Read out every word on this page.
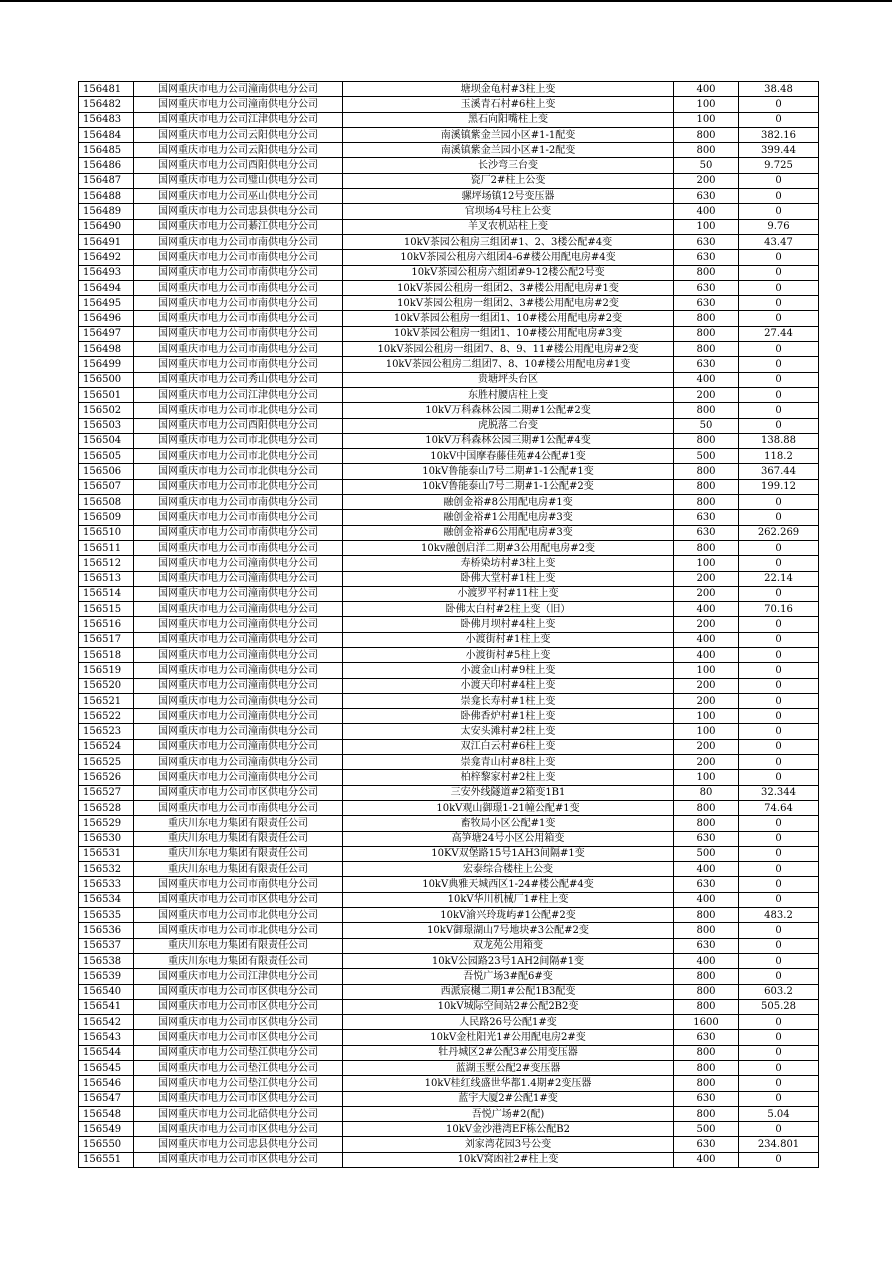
156481	国网重庆市电力公司潼南供电分公司	塘坝金龟村#3柱上变	400	38.48
156482	国网重庆市电力公司潼南供电分公司	玉溪青石村#6柱上变	100	0
156483	国网重庆市电力公司江津供电分公司	黑石向阳嘴柱上变	100	0
156484	国网重庆市电力公司云阳供电分公司	南溪镇紫金兰园小区#1-1配变	800	382.16
156485	国网重庆市电力公司云阳供电分公司	南溪镇紫金兰园小区#1-2配变	800	399.44
156486	国网重庆市电力公司酉阳供电分公司	长沙弯三台变	50	9.725
156487	国网重庆市电力公司璧山供电分公司	瓷厂2#柱上公变	200	0
156488	国网重庆市电力公司巫山供电分公司	骡坪场镇12号变压器	630	0
156489	国网重庆市电力公司忠县供电分公司	官坝场4号柱上公变	400	0
156490	国网重庆市电力公司綦江供电分公司	羊叉农机站柱上变	100	9.76
156491	国网重庆市电力公司市南供电分公司	10kV茶园公租房三组团#1、2、3楼公配#4变	630	43.47
156492	国网重庆市电力公司市南供电分公司	10kV茶园公租房六组团4-6#楼公用配电房#4变	630	0
156493	国网重庆市电力公司市南供电分公司	10kV茶园公租房六组团#9-12楼公配2号变	800	0
156494	国网重庆市电力公司市南供电分公司	10kV茶园公租房一组团2、3#楼公用配电房#1变	630	0
156495	国网重庆市电力公司市南供电分公司	10kV茶园公租房一组团2、3#楼公用配电房#2变	630	0
156496	国网重庆市电力公司市南供电分公司	10kV茶园公租房一组团1、10#楼公用配电房#2变	800	0
156497	国网重庆市电力公司市南供电分公司	10kV茶园公租房一组团1、10#楼公用配电房#3变	800	27.44
156498	国网重庆市电力公司市南供电分公司	10kV茶园公租房一组团7、8、9、11#楼公用配电房#2变	800	0
156499	国网重庆市电力公司市南供电分公司	10kV茶园公租房二组团7、8、10#楼公用配电房#1变	630	0
156500	国网重庆市电力公司秀山供电分公司	贵塘坪头台区	400	0
156501	国网重庆市电力公司江津供电分公司	东胜村腰店柱上变	200	0
156502	国网重庆市电力公司市北供电分公司	10kV万科森林公园二期#1公配#2变	800	0
156503	国网重庆市电力公司酉阳供电分公司	虎脱落二台变	50	0
156504	国网重庆市电力公司市北供电分公司	10kV万科森林公园三期#1公配#4变	800	138.88
156505	国网重庆市电力公司市北供电分公司	10kV中国摩春藤佳苑#4公配#1变	500	118.2
156506	国网重庆市电力公司市北供电分公司	10kV鲁能泰山7号二期#1-1公配#1变	800	367.44
156507	国网重庆市电力公司市北供电分公司	10kV鲁能泰山7号二期#1-1公配#2变	800	199.12
156508	国网重庆市电力公司市南供电分公司	融创金裕#8公用配电房#1变	800	0
156509	国网重庆市电力公司市南供电分公司	融创金裕#1公用配电房#3变	630	0
156510	国网重庆市电力公司市南供电分公司	融创金裕#6公用配电房#3变	630	262.269
156511	国网重庆市电力公司市南供电分公司	10kv融创启洋二期#3公用配电房#2变	800	0
156512	国网重庆市电力公司潼南供电分公司	寿桥染坊村#3柱上变	100	0
156513	国网重庆市电力公司潼南供电分公司	卧佛大堂村#1柱上变	200	22.14
156514	国网重庆市电力公司潼南供电分公司	小渡罗平村#11柱上变	200	0
156515	国网重庆市电力公司潼南供电分公司	卧佛太白村#2柱上变（旧）	400	70.16
156516	国网重庆市电力公司潼南供电分公司	卧佛月坝村#4柱上变	200	0
156517	国网重庆市电力公司潼南供电分公司	小渡街村#1柱上变	400	0
156518	国网重庆市电力公司潼南供电分公司	小渡街村#5柱上变	400	0
156519	国网重庆市电力公司潼南供电分公司	小渡金山村#9柱上变	100	0
156520	国网重庆市电力公司潼南供电分公司	小渡天印村#4柱上变	200	0
156521	国网重庆市电力公司潼南供电分公司	崇龛长寿村#1柱上变	200	0
156522	国网重庆市电力公司潼南供电分公司	卧佛香炉村#1柱上变	100	0
156523	国网重庆市电力公司潼南供电分公司	太安头滩村#2柱上变	100	0
156524	国网重庆市电力公司潼南供电分公司	双江白云村#6柱上变	200	0
156525	国网重庆市电力公司潼南供电分公司	崇龛青山村#8柱上变	200	0
156526	国网重庆市电力公司潼南供电分公司	柏梓黎家村#2柱上变	100	0
156527	国网重庆市电力公司市区供电分公司	三安外线隧道#2箱变1B1	80	32.344
156528	国网重庆市电力公司市南供电分公司	10kV观山御璟1-21幢公配#1变	800	74.64
156529	重庆川东电力集团有限责任公司	畜牧局小区公配#1变	800	0
156530	重庆川东电力集团有限责任公司	高笋塘24号小区公用箱变	630	0
156531	重庆川东电力集团有限责任公司	10KV双堡路15号1AH3间隔#1变	500	0
156532	重庆川东电力集团有限责任公司	宏泰综合楼柱上公变	400	0
156533	国网重庆市电力公司市南供电分公司	10kV典雅天城西区1-24#楼公配#4变	630	0
156534	国网重庆市电力公司市区供电分公司	10kV华川机械厂1#柱上变	400	0
156535	国网重庆市电力公司市北供电分公司	10kV渝兴玲珑屿#1公配#2变	800	483.2
156536	国网重庆市电力公司市北供电分公司	10kV御璟湖山7号地块#3公配#2变	800	0
156537	重庆川东电力集团有限责任公司	双龙苑公用箱变	630	0
156538	重庆川东电力集团有限责任公司	10kV公园路23号1AH2间隔#1变	400	0
156539	国网重庆市电力公司江津供电分公司	吾悦广场3#配6#变	800	0
156540	国网重庆市电力公司市区供电分公司	西派宸樾二期1#公配1B3配变	800	603.2
156541	国网重庆市电力公司市区供电分公司	10kV城际空间站2#公配2B2变	800	505.28
156542	国网重庆市电力公司市区供电分公司	人民路26号公配1#变	1600	0
156543	国网重庆市电力公司市区供电分公司	10kV金杜阳光1#公用配电房2#变	630	0
156544	国网重庆市电力公司垫江供电分公司	牡丹城区2#公配3#公用变压器	800	0
156545	国网重庆市电力公司垫江供电分公司	蓝湖玉墅公配2#变压器	800	0
156546	国网重庆市电力公司垫江供电分公司	10kV桂红线盛世华都1.4期#2变压器	800	0
156547	国网重庆市电力公司市区供电分公司	蓝宇大厦2#公配1#变	630	0
156548	国网重庆市电力公司北碚供电分公司	吾悦广场#2(配)	800	5.04
156549	国网重庆市电力公司市区供电分公司	10kV金沙港湾EF栋公配B2	500	0
156550	国网重庆市电力公司忠县供电分公司	刘家湾花园3号公变	630	234.801
156551	国网重庆市电力公司市区供电分公司	10kV窝凼社2#柱上变	400	0
